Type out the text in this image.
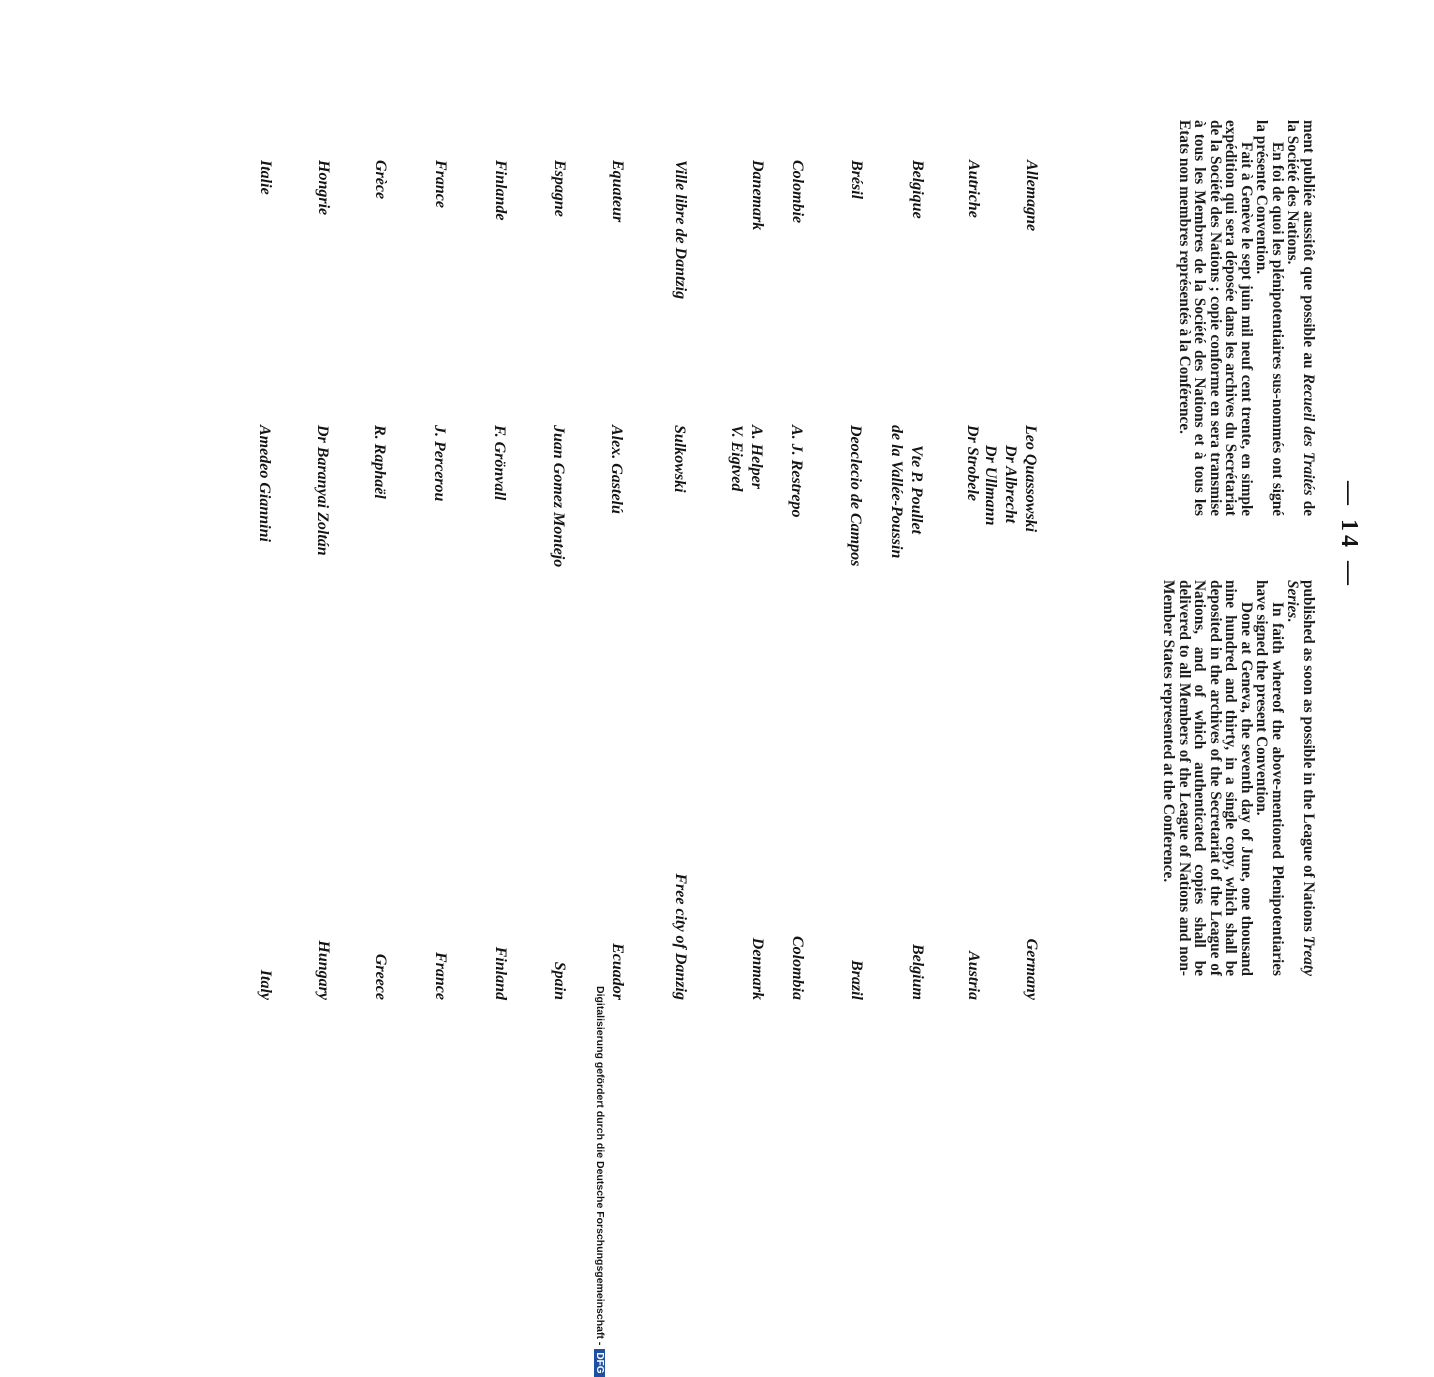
— 14 —

ment publiée aussitôt que possible au Recueil des Traités de la Société des Nations.

En foi de quoi les plénipotentiaires sus-nommés ont signé la présente Convention.

Fait à Genève le sept juin mil neuf cent trente, en simple expédition qui sera déposée dans les archives du Secrétariat de la Société des Nations ; copie conforme en sera transmise à tous les Membres de la Société des Nations et à tous les Etats non membres représentés à la Conférence.

published as soon as possible in the League of Nations Treaty Series.

In faith whereof the above-mentioned Plenipotentiaries have signed the present Convention.

Done at Geneva, the seventh day of June, one thousand nine hundred and thirty, in a single copy, which shall be deposited in the archives of the Secretariat of the League of Nations, and of which authenticated copies shall be delivered to all Members of the League of Nations and non-Member States represented at the Conference.

Allemagne
Leo Quassowski
Dr Albrecht
Dr Ullmann
Germany
Autriche
Dr Strobele
Austria
Belgique
Vte P. Poullet
de la Vallée-Poussin
Belgium
Brésil
Deoclecio de Campos
Brazil
Colombie
A. J. Restrepo
Colombia
Danemark
A. Helper
V. Eigtved
Denmark
Ville libre de Dantzig
Sulkowski
Free city of Danzig
Equateur
Alex. Gastelú
Ecuador
Espagne
Juan Gomez Montejo
Spain
Finlande
F. Grönvall
Finland
France
J. Percerou
France
Grèce
R. Raphaël
Greece
Hongrie
Dr Baranyai Zoltán
Hungary
Italie
Amedeo Giannini
Italy
Digitalisierung gefördert durch die Deutsche Forschungsgemeinschaft -DFG
